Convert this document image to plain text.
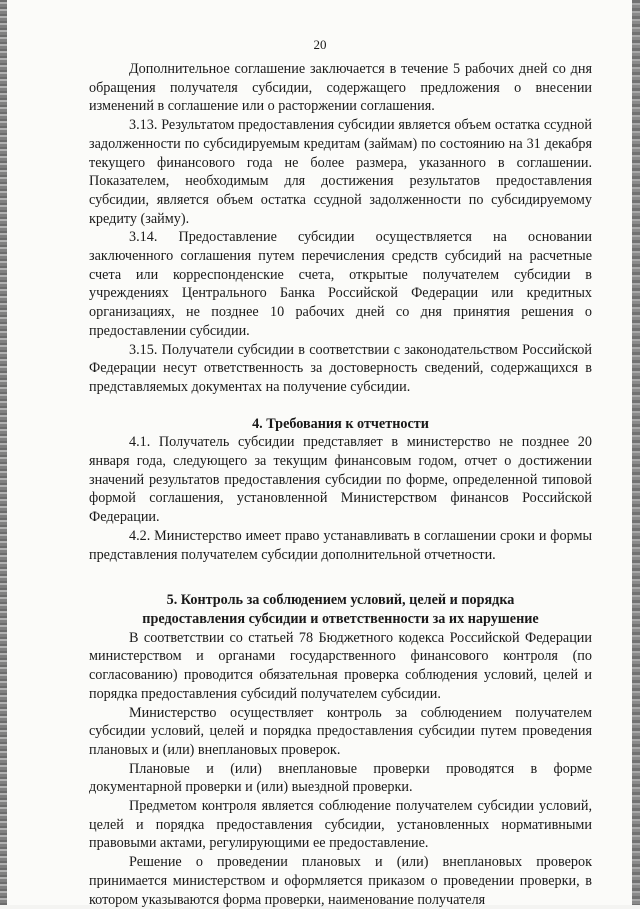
20

Дополнительное соглашение заключается в течение 5 рабочих дней со дня обращения получателя субсидии, содержащего предложения о внесении изменений в соглашение или о расторжении соглашения.

3.13. Результатом предоставления субсидии является объем остатка ссудной задолженности по субсидируемым кредитам (займам) по состоянию на 31 декабря текущего финансового года не более размера, указанного в соглашении. Показателем, необходимым для достижения результатов предоставления субсидии, является объем остатка ссудной задолженности по субсидируемому кредиту (займу).

3.14. Предоставление субсидии осуществляется на основании заключенного соглашения путем перечисления средств субсидий на расчетные счета или корреспонденские счета, открытые получателем субсидии в учреждениях Центрального Банка Российской Федерации или кредитных организациях, не позднее 10 рабочих дней со дня принятия решения о предоставлении субсидии.

3.15. Получатели субсидии в соответствии с законодательством Российской Федерации несут ответственность за достоверность сведений, содержащихся в представляемых документах на получение субсидии.

4. Требования к отчетности

4.1. Получатель субсидии представляет в министерство не позднее 20 января года, следующего за текущим финансовым годом, отчет о достижении значений результатов предоставления субсидии по форме, определенной типовой формой соглашения, установленной Министерством финансов Российской Федерации.

4.2. Министерство имеет право устанавливать в соглашении сроки и формы представления получателем субсидии дополнительной отчетности.

5. Контроль за соблюдением условий, целей и порядка

предоставления субсидии и ответственности за их нарушение

В соответствии со статьей 78 Бюджетного кодекса Российской Федерации министерством и органами государственного финансового контроля (по согласованию) проводится обязательная проверка соблюдения условий, целей и порядка предоставления субсидий получателем субсидии.

Министерство осуществляет контроль за соблюдением получателем субсидии условий, целей и порядка предоставления субсидии путем проведения плановых и (или) внеплановых проверок.

Плановые и (или) внеплановые проверки проводятся в форме документарной проверки и (или) выездной проверки.

Предметом контроля является соблюдение получателем субсидии условий, целей и порядка предоставления субсидии, установленных нормативными правовыми актами, регулирующими ее предоставление.

Решение о проведении плановых и (или) внеплановых проверок принимается министерством и оформляется приказом о проведении проверки, в котором указываются форма проверки, наименование получателя
